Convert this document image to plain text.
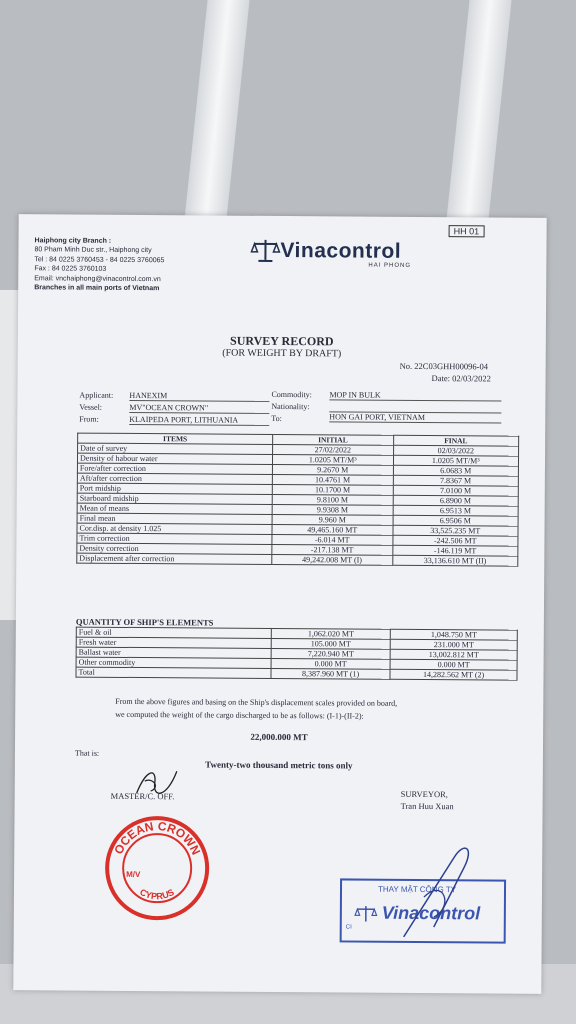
Haiphong city Branch :
80 Pham Minh Duc str., Haiphong city
Tel : 84 0225 3760453 - 84 0225 3760065
Fax : 84 0225 3760103
Email: vnchaiphong@vinacontrol.com.vn
Branches in all main ports of Vietnam
Vinacontrol
HAI PHONG
HH 01
SURVEY RECORD
(FOR WEIGHT BY DRAFT)
No. 22C03GHH00096-04
Date: 02/03/2022
Applicant: HANEXIM
Vessel:	MV"OCEAN CROWN"
From:	KLAIPEDA PORT, LITHUANIA
Commodity: MOP IN BULK
Nationality:
To:	HON GAI PORT, VIETNAM
ITEMS	INITIAL	FINAL
Date of survey	27/02/2022	02/03/2022
Density of habour water	1.0205 MT/M³	1.0205 MT/M³
Fore/after correction	9.2670 M	6.0683 M
Aft/after correction	10.4761 M	7.8367 M
Port midship	10.1700 M	7.0100 M
Starboard midship	9.8100 M	6.8900 M
Mean of means	9.9308 M	6.9513 M
Final mean	9.960 M	6.9506 M
Cor.disp. at density 1.025	49,465.160 MT	33,525.235 MT
Trim correction	-6.014 MT	-242.506 MT
Density correction	-217.138 MT	-146.119 MT
Displacement after correction	49,242.008 MT (I)	33,136.610 MT (II)
QUANTITY OF SHIP'S ELEMENTS
Fuel & oil	1,062.020 MT	1,048.750 MT
Fresh water	105.000 MT	231.000 MT
Ballast water	7,220.940 MT	13,002.812 MT
Other commodity	0.000 MT	0.000 MT
Total	8,387.960 MT (1)	14,282.562 MT (2)
From the above figures and basing on the Ship's displacement scales provided on board,
we computed the weight of the cargo discharged to be as follows: (I-1)-(II-2):
22,000.000 MT
That is:
Twenty-two thousand metric tons only
MASTER/C. OFF.	SURVEYOR,
Tran Huu Xuan
OCEAN CROWN
CYPRUS
M/V
THAY MẶT CÔNG TY
Vinacontrol
CI
